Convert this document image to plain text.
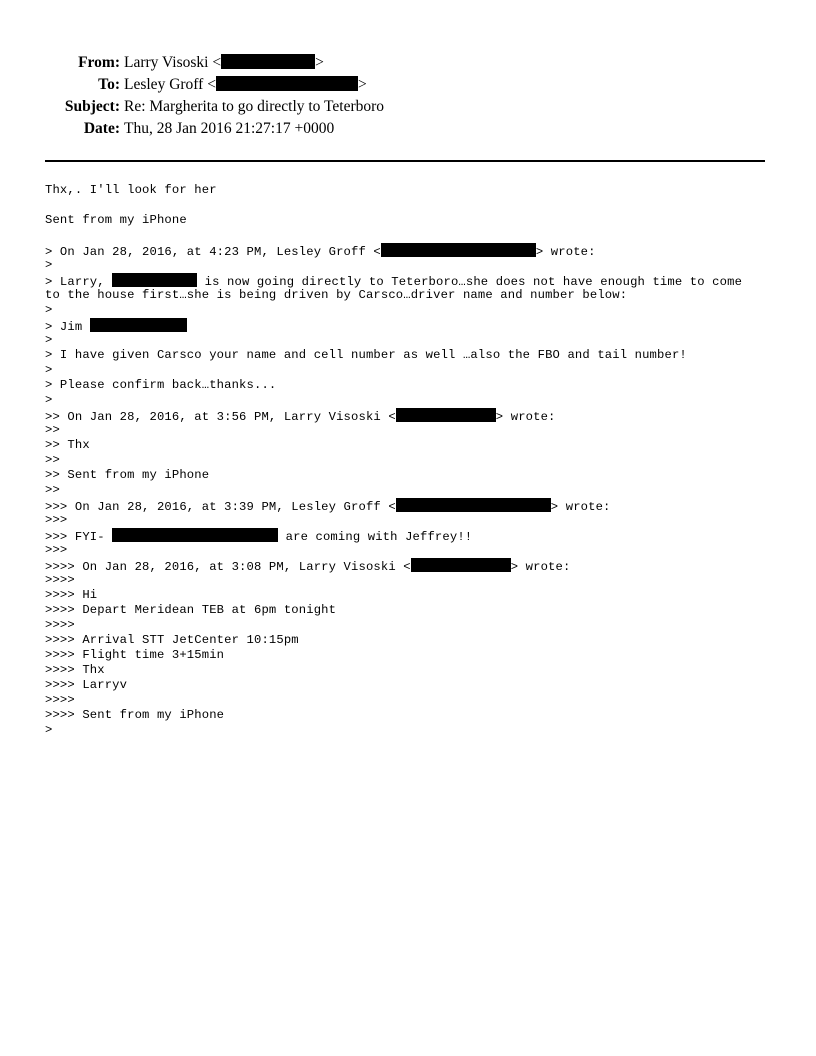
From: Larry Visoski <	>
To: Lesley Groff <	>
Subject: Re: Margherita to go directly to Teterboro
Date: Thu, 28 Jan 2016 21:27:17 +0000
Thx,. I'll look for her
Sent from my iPhone
> On Jan 28, 2016, at 4:23 PM, Lesley Groff <	> wrote:
>
> Larry,	is now going directly to Teterboro…she does not have enough time to come
to the house first…she is being driven by Carsco…driver name and number below:
>
> Jim
>
> I have given Carsco your name and cell number as well …also the FBO and tail number!
>
> Please confirm back…thanks...
>
>> On Jan 28, 2016, at 3:56 PM, Larry Visoski <	> wrote:
>>
>> Thx
>>
>> Sent from my iPhone
>>
>>> On Jan 28, 2016, at 3:39 PM, Lesley Groff <	> wrote:
>>>
>>> FYI-	are coming with Jeffrey!!
>>>
>>>> On Jan 28, 2016, at 3:08 PM, Larry Visoski <	> wrote:
>>>>
>>>> Hi
>>>> Depart Meridean TEB at 6pm tonight
>>>>
>>>> Arrival STT JetCenter 10:15pm
>>>> Flight time 3+15min
>>>> Thx
>>>> Larryv
>>>>
>>>> Sent from my iPhone
>
